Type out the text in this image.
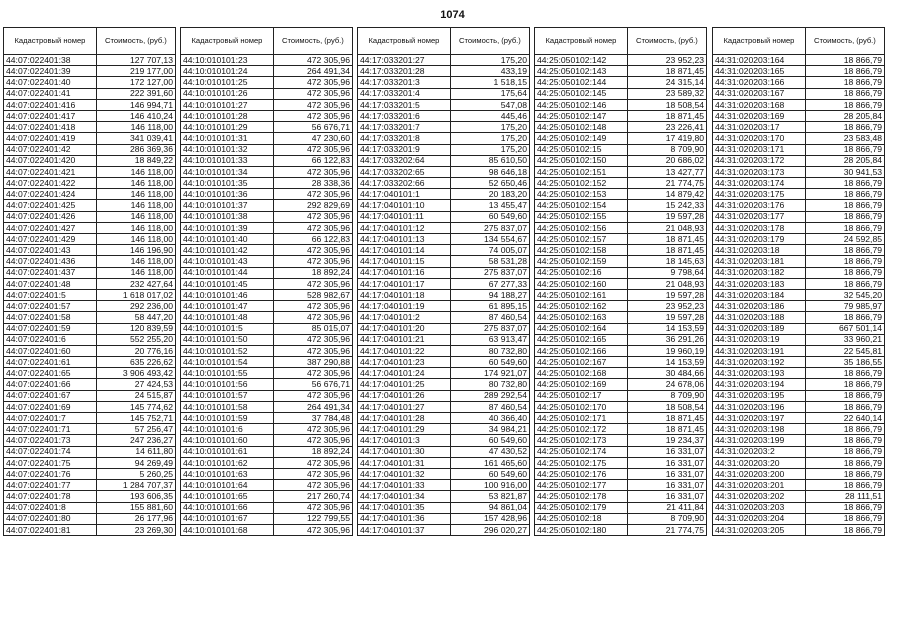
1074
Кадастровый номер	Стоимость, (руб.)
44:07:022401:38	127 707,13
44:07:022401:39	219 177,00
44:07:022401:40	172 127,00
44:07:022401:41	222 391,60
44:07:022401:416	146 994,71
44:07:022401:417	146 410,24
44:07:022401:418	146 118,00
44:07:022401:419	341 039,41
44:07:022401:42	286 369,36
44:07:022401:420	18 849,22
44:07:022401:421	146 118,00
44:07:022401:422	146 118,00
44:07:022401:424	146 118,00
44:07:022401:425	146 118,00
44:07:022401:426	146 118,00
44:07:022401:427	146 118,00
44:07:022401:429	146 118,00
44:07:022401:43	146 196,90
44:07:022401:436	146 118,00
44:07:022401:437	146 118,00
44:07:022401:48	232 427,64
44:07:022401:5	1 618 017,02
44:07:022401:57	292 236,00
44:07:022401:58	58 447,20
44:07:022401:59	120 839,59
44:07:022401:6	552 255,20
44:07:022401:60	20 776,16
44:07:022401:61	635 226,62
44:07:022401:65	3 906 493,42
44:07:022401:66	27 424,53
44:07:022401:67	24 515,87
44:07:022401:69	145 774,62
44:07:022401:7	145 752,71
44:07:022401:71	57 256,47
44:07:022401:73	247 236,27
44:07:022401:74	14 611,80
44:07:022401:75	94 269,49
44:07:022401:76	5 260,25
44:07:022401:77	1 284 707,37
44:07:022401:78	193 606,35
44:07:022401:8	155 881,60
44:07:022401:80	26 177,96
44:07:022401:81	23 269,30
Кадастровый номер	Стоимость, (руб.)
44:10:010101:23	472 305,96
44:10:010101:24	264 491,34
44:10:010101:25	472 305,96
44:10:010101:26	472 305,96
44:10:010101:27	472 305,96
44:10:010101:28	472 305,96
44:10:010101:29	56 676,71
44:10:010101:31	47 230,60
44:10:010101:32	472 305,96
44:10:010101:33	66 122,83
44:10:010101:34	472 305,96
44:10:010101:35	28 338,36
44:10:010101:36	472 305,96
44:10:010101:37	292 829,69
44:10:010101:38	472 305,96
44:10:010101:39	472 305,96
44:10:010101:40	66 122,83
44:10:010101:42	472 305,96
44:10:010101:43	472 305,96
44:10:010101:44	18 892,24
44:10:010101:45	472 305,96
44:10:010101:46	528 982,67
44:10:010101:47	472 305,96
44:10:010101:48	472 305,96
44:10:010101:5	85 015,07
44:10:010101:50	472 305,96
44:10:010101:52	472 305,96
44:10:010101:54	387 290,88
44:10:010101:55	472 305,96
44:10:010101:56	56 676,71
44:10:010101:57	472 305,96
44:10:010101:58	264 491,34
44:10:010101:59	37 784,48
44:10:010101:6	472 305,96
44:10:010101:60	472 305,96
44:10:010101:61	18 892,24
44:10:010101:62	472 305,96
44:10:010101:63	472 305,96
44:10:010101:64	472 305,96
44:10:010101:65	217 260,74
44:10:010101:66	472 305,96
44:10:010101:67	122 799,55
44:10:010101:68	472 305,96
Кадастровый номер	Стоимость, (руб.)
44:17:033201:27	175,20
44:17:033201:28	433,19
44:17:033201:3	1 518,15
44:17:033201:4	175,64
44:17:033201:5	547,08
44:17:033201:6	445,46
44:17:033201:7	175,20
44:17:033201:8	175,20
44:17:033201:9	175,20
44:17:033202:64	85 610,50
44:17:033202:65	98 646,18
44:17:033202:66	52 650,46
44:17:040101:1	20 183,20
44:17:040101:10	13 455,47
44:17:040101:11	60 549,60
44:17:040101:12	275 837,07
44:17:040101:13	134 554,67
44:17:040101:14	74 005,07
44:17:040101:15	58 531,28
44:17:040101:16	275 837,07
44:17:040101:17	67 277,33
44:17:040101:18	94 188,27
44:17:040101:19	61 895,15
44:17:040101:2	87 460,54
44:17:040101:20	275 837,07
44:17:040101:21	63 913,47
44:17:040101:22	80 732,80
44:17:040101:23	60 549,60
44:17:040101:24	174 921,07
44:17:040101:25	80 732,80
44:17:040101:26	289 292,54
44:17:040101:27	87 460,54
44:17:040101:28	40 366,40
44:17:040101:29	34 984,21
44:17:040101:3	60 549,60
44:17:040101:30	47 430,52
44:17:040101:31	161 465,60
44:17:040101:32	60 549,60
44:17:040101:33	100 916,00
44:17:040101:34	53 821,87
44:17:040101:35	94 861,04
44:17:040101:36	157 428,96
44:17:040101:37	296 020,27
Кадастровый номер	Стоимость, (руб.)
44:25:050102:142	23 952,23
44:25:050102:143	18 871,45
44:25:050102:144	24 315,14
44:25:050102:145	23 589,32
44:25:050102:146	18 508,54
44:25:050102:147	18 871,45
44:25:050102:148	23 226,41
44:25:050102:149	17 419,80
44:25:050102:15	8 709,90
44:25:050102:150	20 686,02
44:25:050102:151	13 427,77
44:25:050102:152	21 774,75
44:25:050102:153	14 879,42
44:25:050102:154	15 242,33
44:25:050102:155	19 597,28
44:25:050102:156	21 048,93
44:25:050102:157	18 871,45
44:25:050102:158	18 871,45
44:25:050102:159	18 145,63
44:25:050102:16	9 798,64
44:25:050102:160	21 048,93
44:25:050102:161	19 597,28
44:25:050102:162	23 952,23
44:25:050102:163	19 597,28
44:25:050102:164	14 153,59
44:25:050102:165	36 291,26
44:25:050102:166	19 960,19
44:25:050102:167	14 153,59
44:25:050102:168	30 484,66
44:25:050102:169	24 678,06
44:25:050102:17	8 709,90
44:25:050102:170	18 508,54
44:25:050102:171	18 871,45
44:25:050102:172	18 871,45
44:25:050102:173	19 234,37
44:25:050102:174	16 331,07
44:25:050102:175	16 331,07
44:25:050102:176	16 331,07
44:25:050102:177	16 331,07
44:25:050102:178	16 331,07
44:25:050102:179	21 411,84
44:25:050102:18	8 709,90
44:25:050102:180	21 774,75
Кадастровый номер	Стоимость, (руб.)
44:31:020203:164	18 866,79
44:31:020203:165	18 866,79
44:31:020203:166	18 866,79
44:31:020203:167	18 866,79
44:31:020203:168	18 866,79
44:31:020203:169	28 205,84
44:31:020203:17	18 866,79
44:31:020203:170	23 583,48
44:31:020203:171	18 866,79
44:31:020203:172	28 205,84
44:31:020203:173	30 941,53
44:31:020203:174	18 866,79
44:31:020203:175	18 866,79
44:31:020203:176	18 866,79
44:31:020203:177	18 866,79
44:31:020203:178	18 866,79
44:31:020203:179	24 592,85
44:31:020203:18	18 866,79
44:31:020203:181	18 866,79
44:31:020203:182	18 866,79
44:31:020203:183	18 866,79
44:31:020203:184	32 545,20
44:31:020203:186	79 985,97
44:31:020203:188	18 866,79
44:31:020203:189	667 501,14
44:31:020203:19	33 960,21
44:31:020203:191	22 545,81
44:31:020203:192	35 186,55
44:31:020203:193	18 866,79
44:31:020203:194	18 866,79
44:31:020203:195	18 866,79
44:31:020203:196	18 866,79
44:31:020203:197	22 640,14
44:31:020203:198	18 866,79
44:31:020203:199	18 866,79
44:31:020203:2	18 866,79
44:31:020203:20	18 866,79
44:31:020203:200	18 866,79
44:31:020203:201	18 866,79
44:31:020203:202	28 111,51
44:31:020203:203	18 866,79
44:31:020203:204	18 866,79
44:31:020203:205	18 866,79
